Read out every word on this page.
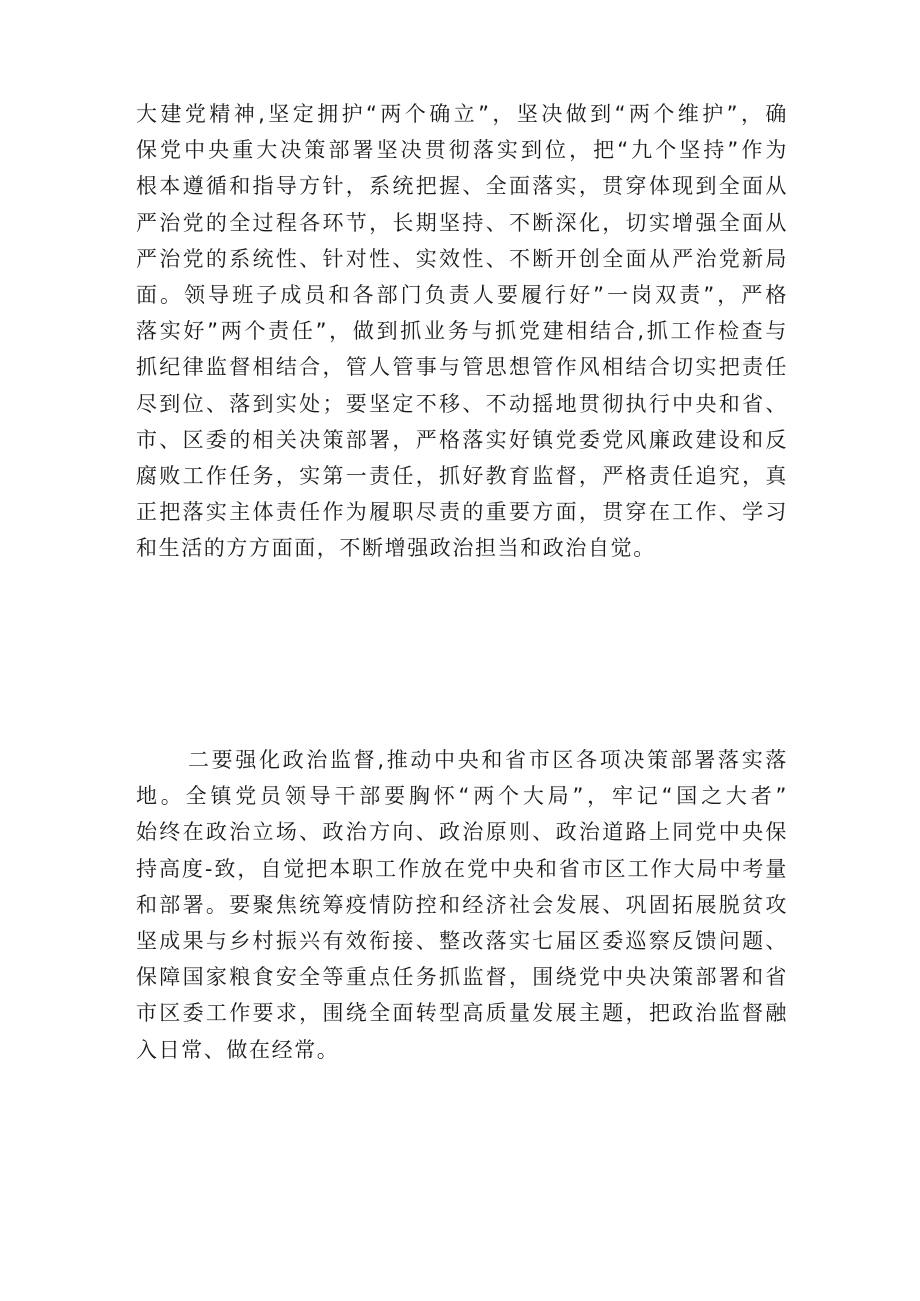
大建党精神,坚定拥护“两个确立”，坚决做到“两个维护”，确
保党中央重大决策部署坚决贯彻落实到位，把“九个坚持”作为
根本遵循和指导方针，系统把握、全面落实，贯穿体现到全面从
严治党的全过程各环节，长期坚持、不断深化，切实增强全面从
严治党的系统性、针对性、实效性、不断开创全面从严治党新局
面。领导班子成员和各部门负责人要履行好”一岗双责”，严格
落实好”两个责任”，做到抓业务与抓党建相结合,抓工作检查与
抓纪律监督相结合，管人管事与管思想管作风相结合切实把责任
尽到位、落到实处；要坚定不移、不动摇地贯彻执行中央和省、
市、区委的相关决策部署，严格落实好镇党委党风廉政建设和反
腐败工作任务，实第一责任，抓好教育监督，严格责任追究，真
正把落实主体责任作为履职尽责的重要方面，贯穿在工作、学习
和生活的方方面面，不断增强政治担当和政治自觉。
二要强化政治监督,推动中央和省市区各项决策部署落实落
地。全镇党员领导干部要胸怀“两个大局”，牢记“国之大者”
始终在政治立场、政治方向、政治原则、政治道路上同党中央保
持高度-致，自觉把本职工作放在党中央和省市区工作大局中考量
和部署。要聚焦统筹疫情防控和经济社会发展、巩固拓展脱贫攻
坚成果与乡村振兴有效衔接、整改落实七届区委巡察反馈问题、
保障国家粮食安全等重点任务抓监督，围绕党中央决策部署和省
市区委工作要求，围绕全面转型高质量发展主题，把政治监督融
入日常、做在经常。
